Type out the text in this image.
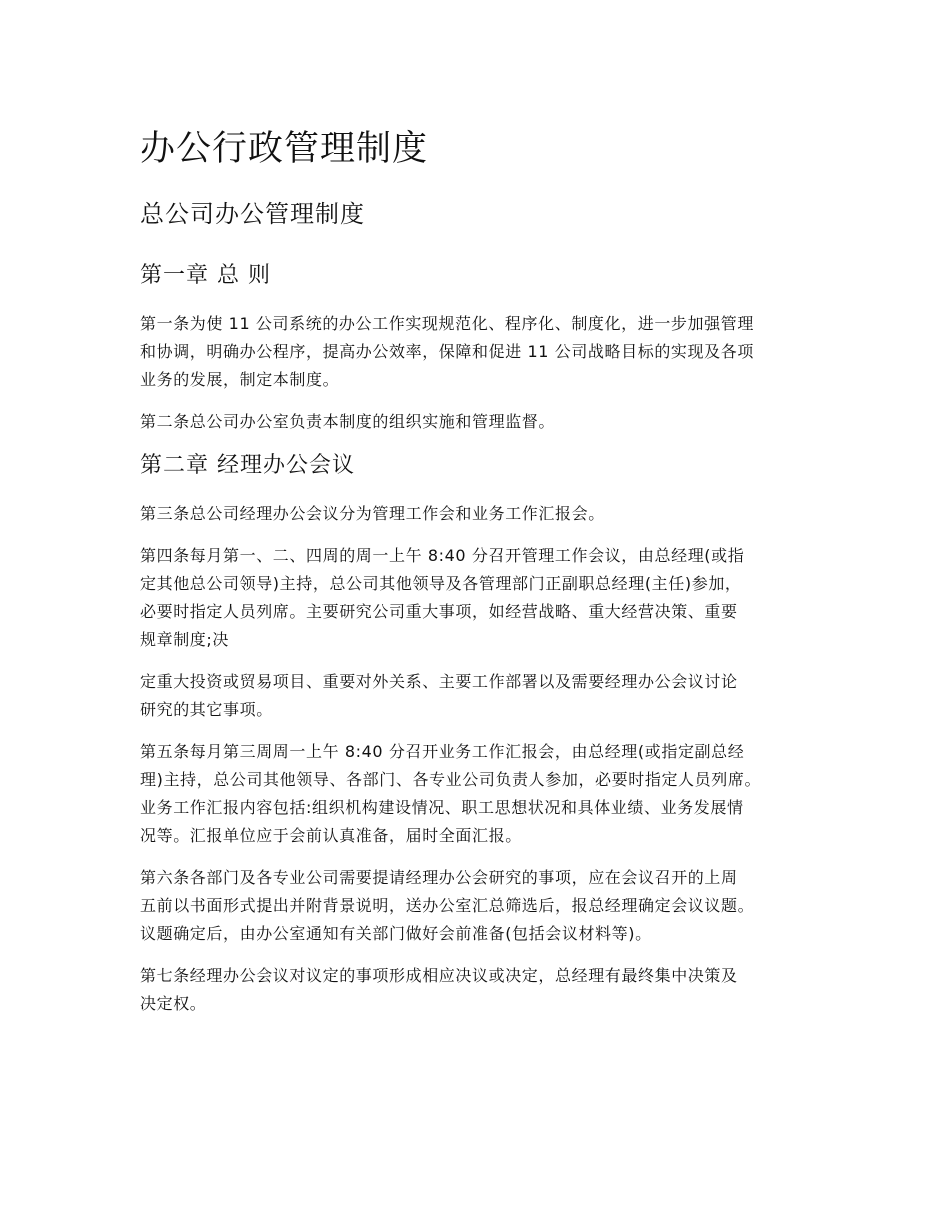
办公行政管理制度
总公司办公管理制度
第一章 总 则

第一条为使 11 公司系统的办公工作实现规范化、程序化、制度化，进一步加强管理
和协调，明确办公程序，提高办公效率，保障和促进 11 公司战略目标的实现及各项
业务的发展，制定本制度。

第二条总公司办公室负责本制度的组织实施和管理监督。

第二章 经理办公会议

第三条总公司经理办公会议分为管理工作会和业务工作汇报会。

第四条每月第一、二、四周的周一上午 8:40 分召开管理工作会议，由总经理(或指
定其他总公司领导)主持，总公司其他领导及各管理部门正副职总经理(主任)参加，
必要时指定人员列席。主要研究公司重大事项，如经营战略、重大经营决策、重要
规章制度;决

定重大投资或贸易项目、重要对外关系、主要工作部署以及需要经理办公会议讨论
研究的其它事项。

第五条每月第三周周一上午 8:40 分召开业务工作汇报会，由总经理(或指定副总经
理)主持，总公司其他领导、各部门、各专业公司负责人参加，必要时指定人员列席。
业务工作汇报内容包括:组织机构建设情况、职工思想状况和具体业绩、业务发展情
况等。汇报单位应于会前认真准备，届时全面汇报。

第六条各部门及各专业公司需要提请经理办公会研究的事项，应在会议召开的上周
五前以书面形式提出并附背景说明，送办公室汇总筛选后，报总经理确定会议议题。
议题确定后，由办公室通知有关部门做好会前准备(包括会议材料等)。

第七条经理办公会议对议定的事项形成相应决议或决定，总经理有最终集中决策及
决定权。
